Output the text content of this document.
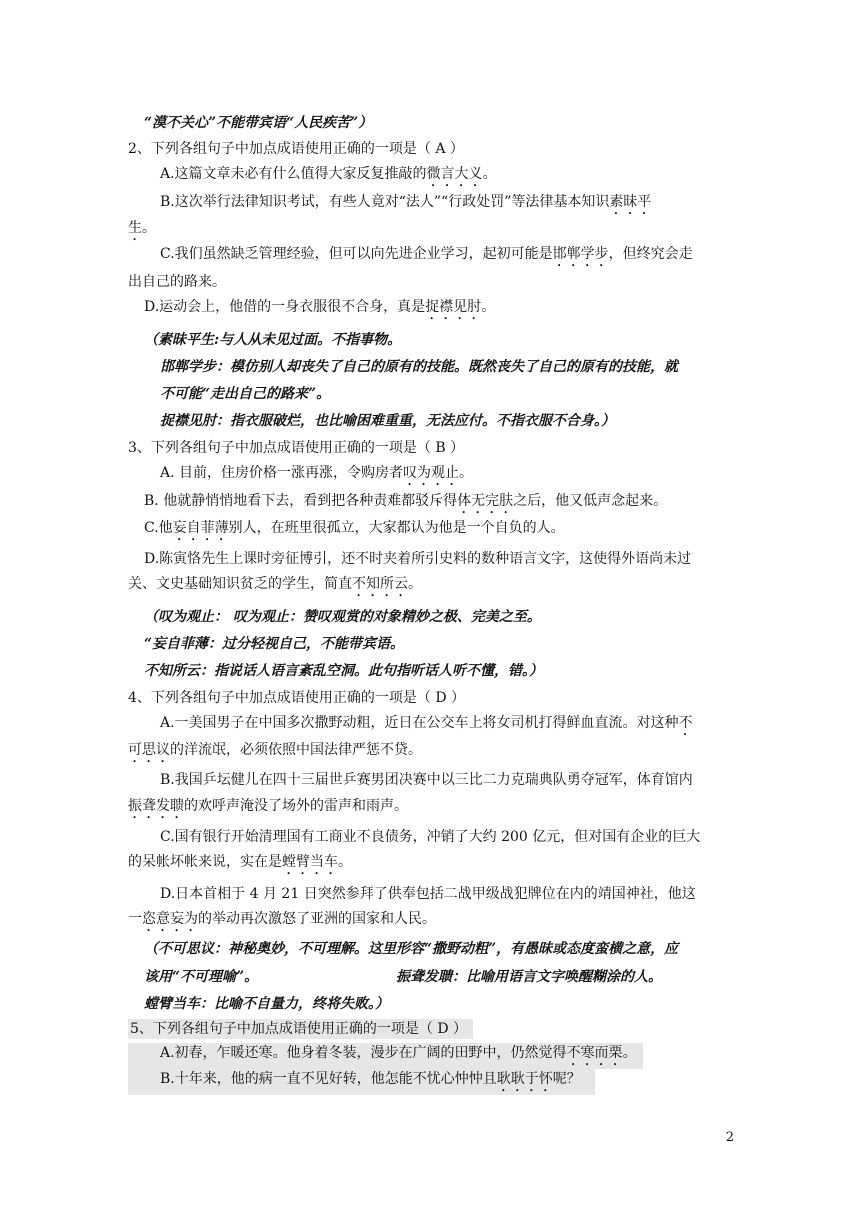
“漠不关心”不能带宾语“人民疾苦”）
2、下列各组句子中加点成语使用正确的一项是（ A ）
A.这篇文章未必有什么值得大家反复推敲的微言大义。
B.这次举行法律知识考试，有些人竟对“法人”“行政处罚”等法律基本知识素昧平
生。
C.我们虽然缺乏管理经验，但可以向先进企业学习，起初可能是邯郸学步，但终究会走
出自己的路来。
D.运动会上，他借的一身衣服很不合身，真是捉襟见肘。
（素昧平生:与人从未见过面。不指事物。
邯郸学步：模仿别人却丧失了自己的原有的技能。既然丧失了自己的原有的技能，就
不可能“走出自己的路来”。
捉襟见肘：指衣服破烂，也比喻困难重重，无法应付。不指衣服不合身。）
3、下列各组句子中加点成语使用正确的一项是（ B ）
A. 目前，住房价格一涨再涨，令购房者叹为观止。
B. 他就静悄悄地看下去，看到把各种责难都驳斥得体无完肤之后，他又低声念起来。
C.他妄自菲薄别人，在班里很孤立，大家都认为他是一个自负的人。
D.陈寅恪先生上课时旁征博引，还不时夹着所引史料的数种语言文字，这使得外语尚未过
关、文史基础知识贫乏的学生，简直不知所云。
（叹为观止： 叹为观止：赞叹观赏的对象精妙之极、完美之至。
“妄自菲薄：过分轻视自己，不能带宾语。
不知所云：指说话人语言紊乱空洞。此句指听话人听不懂，错。）
4、下列各组句子中加点成语使用正确的一项是（ D ）
A.一美国男子在中国多次撒野动粗，近日在公交车上将女司机打得鲜血直流。对这种不
可思议的洋流氓，必须依照中国法律严惩不贷。
B.我国乒坛健儿在四十三届世乒赛男团决赛中以三比二力克瑞典队勇夺冠军，体育馆内
振聋发聩的欢呼声淹没了场外的雷声和雨声。
C.国有银行开始清理国有工商业不良债务，冲销了大约 200 亿元，但对国有企业的巨大
的呆帐坏帐来说，实在是螳臂当车。
D.日本首相于 4 月 21 日突然参拜了供奉包括二战甲级战犯牌位在内的靖国神社，他这
一恣意妄为的举动再次激怒了亚洲的国家和人民。
（不可思议：神秘奥妙，不可理解。这里形容“撒野动粗”，有愚昧或态度蛮横之意，应
该用“不可理喻”。	振聋发聩：比喻用语言文字唤醒糊涂的人。
螳臂当车：比喻不自量力，终将失败。）
5、下列各组句子中加点成语使用正确的一项是（ D ）
A.初春，乍暖还寒。他身着冬装，漫步在广阔的田野中，仍然觉得不寒而栗。
B.十年来，他的病一直不见好转，他怎能不忧心忡忡且耿耿于怀呢？
2
